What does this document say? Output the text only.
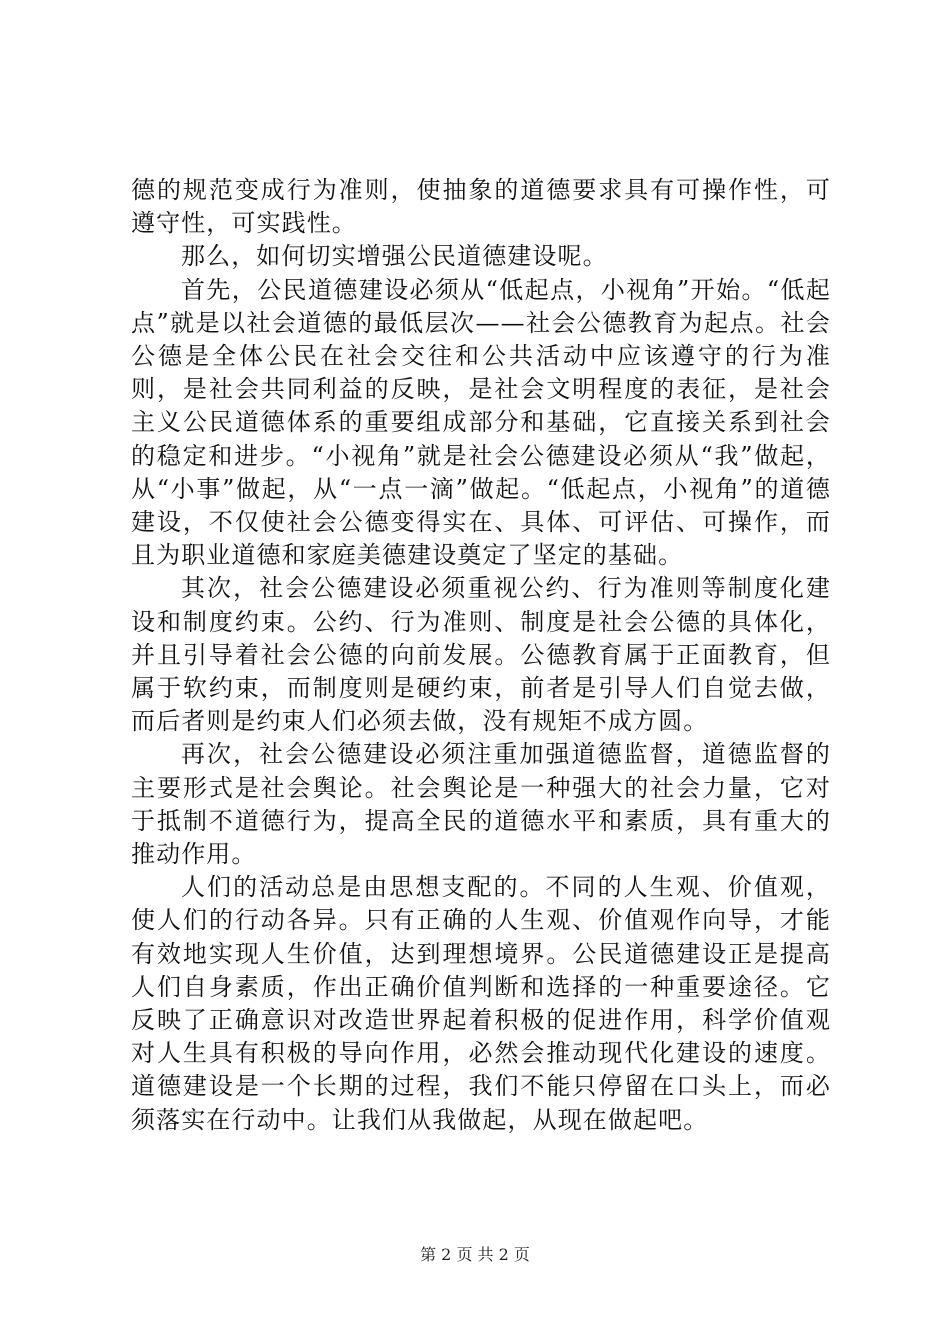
德的规范变成行为准则，使抽象的道德要求具有可操作性，可遵守性，可实践性。

那么，如何切实增强公民道德建设呢。

首先，公民道德建设必须从“低起点，小视角”开始。“低起点”就是以社会道德的最低层次——社会公德教育为起点。社会公德是全体公民在社会交往和公共活动中应该遵守的行为准则，是社会共同利益的反映，是社会文明程度的表征，是社会主义公民道德体系的重要组成部分和基础，它直接关系到社会的稳定和进步。“小视角”就是社会公德建设必须从“我”做起，从“小事”做起，从“一点一滴”做起。“低起点，小视角”的道德建设，不仅使社会公德变得实在、具体、可评估、可操作，而且为职业道德和家庭美德建设奠定了坚定的基础。

其次，社会公德建设必须重视公约、行为准则等制度化建设和制度约束。公约、行为准则、制度是社会公德的具体化，并且引导着社会公德的向前发展。公德教育属于正面教育，但属于软约束，而制度则是硬约束，前者是引导人们自觉去做，而后者则是约束人们必须去做，没有规矩不成方圆。

再次，社会公德建设必须注重加强道德监督，道德监督的主要形式是社会舆论。社会舆论是一种强大的社会力量，它对于抵制不道德行为，提高全民的道德水平和素质，具有重大的推动作用。

人们的活动总是由思想支配的。不同的人生观、价值观，使人们的行动各异。只有正确的人生观、价值观作向导，才能有效地实现人生价值，达到理想境界。公民道德建设正是提高人们自身素质，作出正确价值判断和选择的一种重要途径。它反映了正确意识对改造世界起着积极的促进作用，科学价值观对人生具有积极的导向作用，必然会推动现代化建设的速度。道德建设是一个长期的过程，我们不能只停留在口头上，而必须落实在行动中。让我们从我做起，从现在做起吧。

第 2 页 共 2 页
